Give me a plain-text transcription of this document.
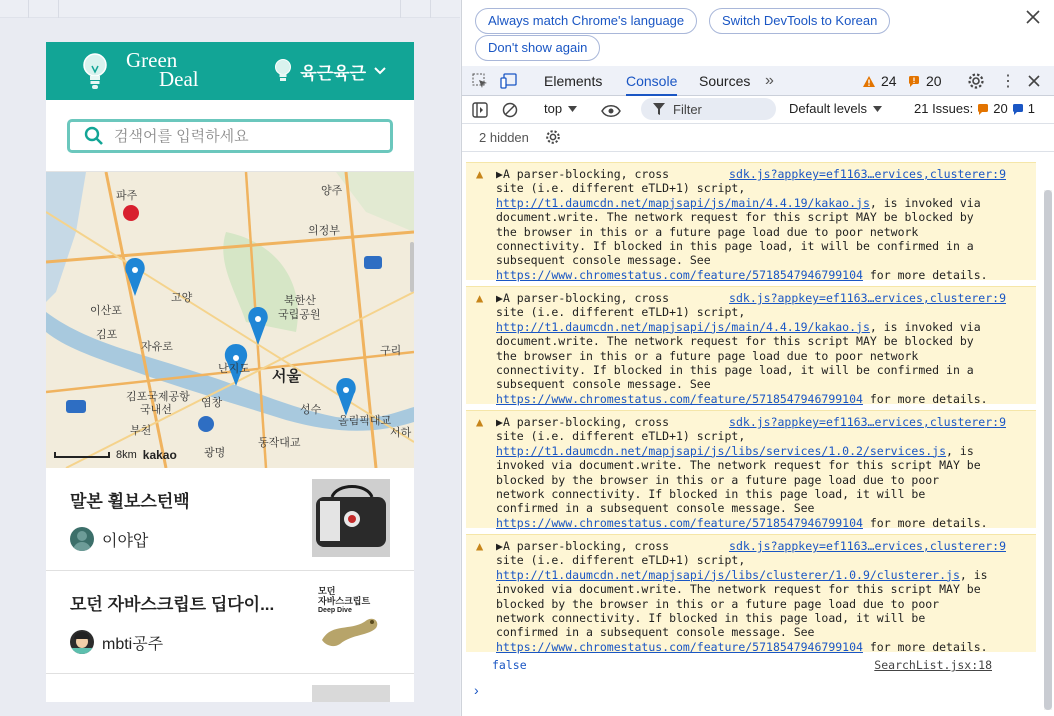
Green
Deal	육근육근
검색어를 입력하세요
파주	양주
의정부
고양
이산포
김포
북한산
국립공원
자유로
난지도
구리
서울
김포국제공항
국내선
염창
부천
광명
동작대교
올림픽대교
성수
서하
8km kakao
말본 휠보스턴백
이야압
모던 자바스크립트 딥다이...
mbti공주
모던
자바스크립트
Deep Dive
Always match Chrome's language	Switch DevTools to Korean
Don't show again
Elements Console Sources »	24 20	⋮
top	Filter	Default levels	21 Issues: 20 1
2 hidden
▲	sdk.js?appkey=ef1163…ervices,clusterer:9

▶A parser-blocking, cross

site (i.e. different eTLD+1) script,

http://t1.daumcdn.net/mapjsapi/js/main/4.4.19/kakao.js, is invoked via

document.write. The network request for this script MAY be blocked by

the browser in this or a future page load due to poor network

connectivity. If blocked in this page load, it will be confirmed in a

subsequent console message. See

https://www.chromestatus.com/feature/5718547946799104 for more details.

▲	sdk.js?appkey=ef1163…ervices,clusterer:9

▶A parser-blocking, cross

site (i.e. different eTLD+1) script,

http://t1.daumcdn.net/mapjsapi/js/main/4.4.19/kakao.js, is invoked via

document.write. The network request for this script MAY be blocked by

the browser in this or a future page load due to poor network

connectivity. If blocked in this page load, it will be confirmed in a

subsequent console message. See

https://www.chromestatus.com/feature/5718547946799104 for more details.

▲	sdk.js?appkey=ef1163…ervices,clusterer:9

▶A parser-blocking, cross

site (i.e. different eTLD+1) script,

http://t1.daumcdn.net/mapjsapi/js/libs/services/1.0.2/services.js, is

invoked via document.write. The network request for this script MAY be

blocked by the browser in this or a future page load due to poor

network connectivity. If blocked in this page load, it will be

confirmed in a subsequent console message. See

https://www.chromestatus.com/feature/5718547946799104 for more details.

▲	sdk.js?appkey=ef1163…ervices,clusterer:9

▶A parser-blocking, cross

site (i.e. different eTLD+1) script,

http://t1.daumcdn.net/mapjsapi/js/libs/clusterer/1.0.9/clusterer.js, is

invoked via document.write. The network request for this script MAY be

blocked by the browser in this or a future page load due to poor

network connectivity. If blocked in this page load, it will be

confirmed in a subsequent console message. See

https://www.chromestatus.com/feature/5718547946799104 for more details.

false	SearchList.jsx:18
›
